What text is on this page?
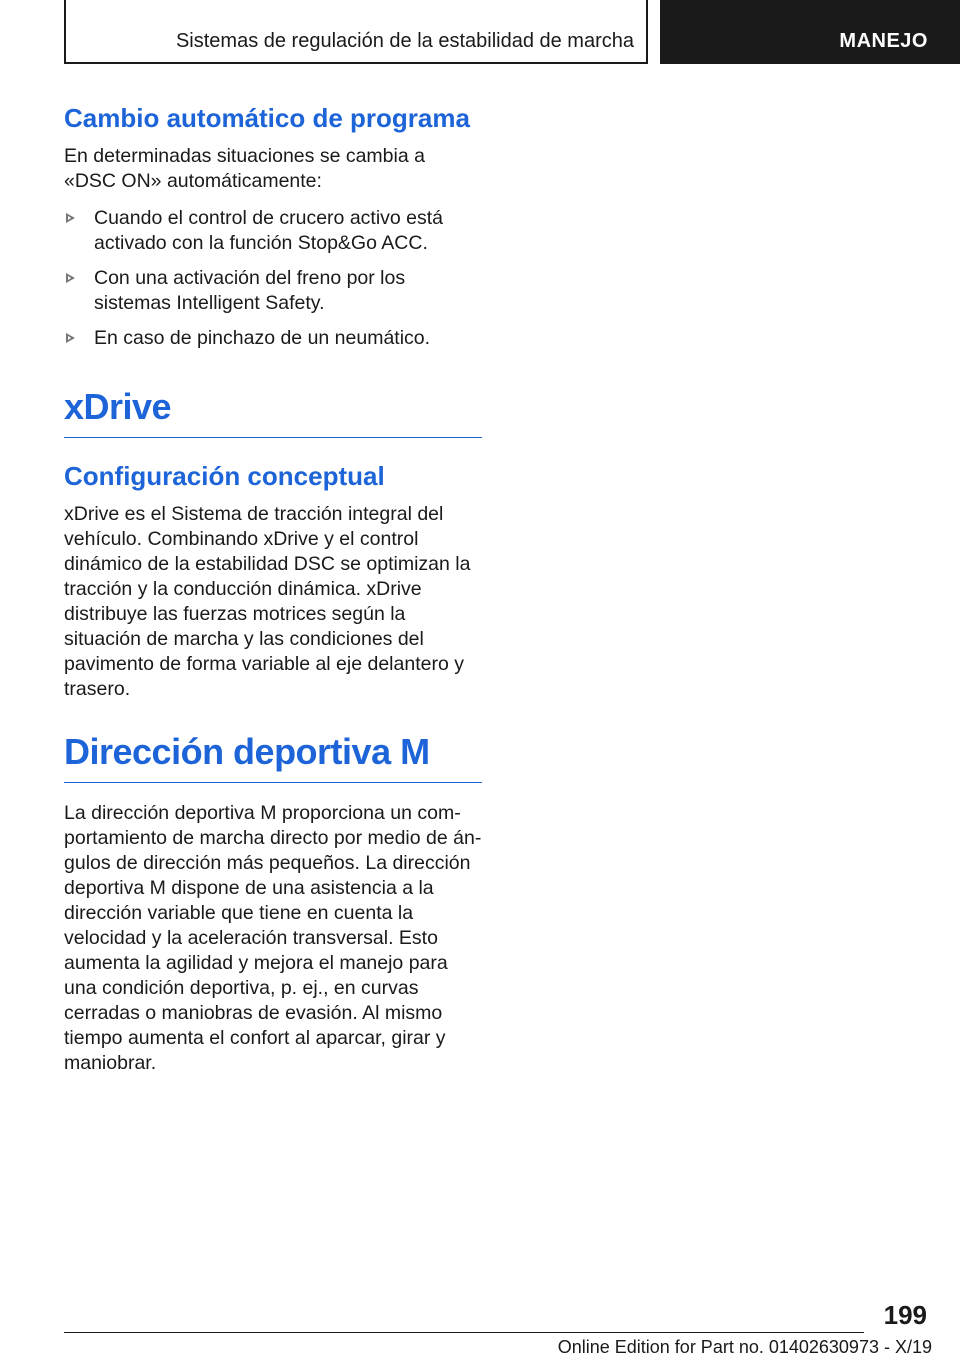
Sistemas de regulación de la estabilidad de marcha	MANEJO
Cambio automático de programa

En determinadas situaciones se cambia a «DSC ON» automáticamente:

Cuando el control de crucero activo está activado con la función Stop&Go ACC.
Con una activación del freno por los sistemas Intelligent Safety.
En caso de pinchazo de un neumático.
xDrive
Configuración conceptual

xDrive es el Sistema de tracción integral del vehículo. Combinando xDrive y el control dinámico de la estabilidad DSC se optimizan la tracción y la conducción dinámica. xDrive distribuye las fuerzas motrices según la situación de marcha y las condiciones del pavimento de forma variable al eje delantero y trasero.

Dirección deportiva M

La dirección deportiva M proporciona un comportamiento de marcha directo por medio de ángulos de dirección más pequeños. La dirección deportiva M dispone de una asistencia a la dirección variable que tiene en cuenta la velocidad y la aceleración transversal. Esto aumenta la agilidad y mejora el manejo para una condición deportiva, p. ej., en curvas cerradas o maniobras de evasión. Al mismo tiempo aumenta el confort al aparcar, girar y maniobrar.

199
Online Edition for Part no. 01402630973 - X/19
